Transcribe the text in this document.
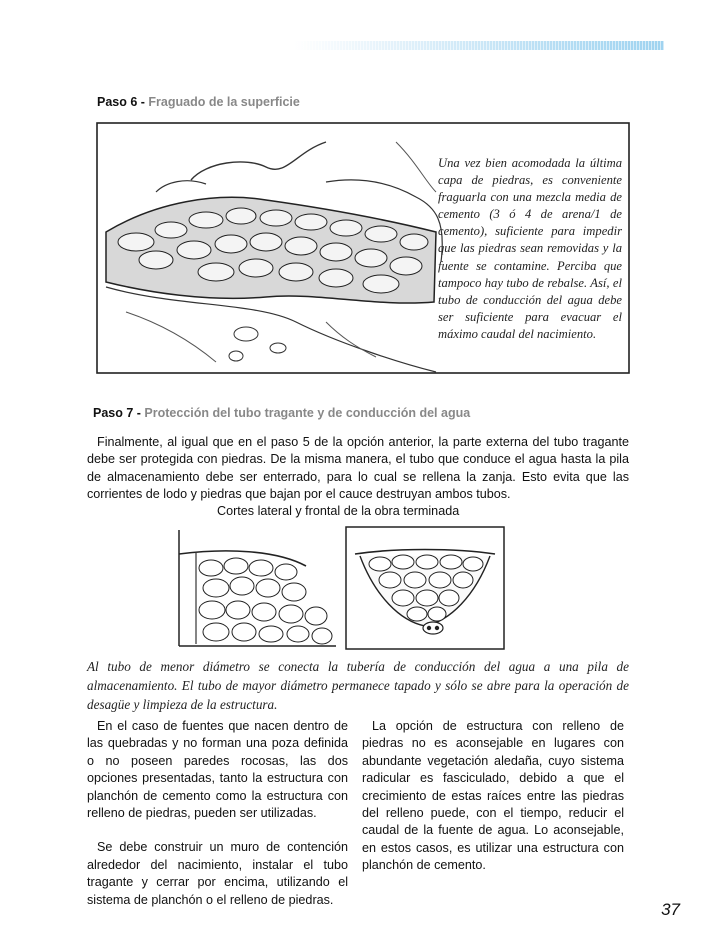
Paso 6 - Fraguado de la superficie
Una vez bien acomodada la última capa de piedras, es conveniente fraguarla con una mezcla media de cemento (3 ó 4 de arena/1 de cemento), suficiente para impedir que las piedras sean removidas y la fuente se contamine. Perciba que tampoco hay tubo de rebalse. Así, el tubo de conducción del agua debe ser suficiente para evacuar el máximo caudal del nacimiento.
Paso 7 - Protección del tubo tragante y de conducción del agua

Finalmente, al igual que en el paso 5 de la opción anterior, la parte externa del tubo tragante debe ser protegida con piedras. De la misma manera, el tubo que conduce el agua hasta la pila de almacenamiento debe ser enterrado, para lo cual se rellena la zanja. Esto evita que las corrientes de lodo y piedras que bajan por el cauce destruyan ambos tubos.

Cortes lateral y frontal de la obra terminada
Al tubo de menor diámetro se conecta la tubería de conducción del agua a una pila de almacenamiento. El tubo de mayor diámetro permanece tapado y sólo se abre para la operación de desagüe y limpieza de la estructura.

En el caso de fuentes que nacen dentro de las quebradas y no forman una poza definida o no poseen paredes rocosas, las dos opciones presentadas, tanto la estructura con planchón de cemento como la estructura con relleno de piedras, pueden ser utilizadas.

Se debe construir un muro de contención alrededor del nacimiento, instalar el tubo tragante y cerrar por encima, utilizando el sistema de planchón o el relleno de piedras.

La opción de estructura con relleno de piedras no es aconsejable en lugares con abundante vegetación aledaña, cuyo sistema radicular es fasciculado, debido a que el crecimiento de estas raíces entre las piedras del relleno puede, con el tiempo, reducir el caudal de la fuente de agua. Lo aconsejable, en estos casos, es utilizar una estructura con planchón de cemento.

37
